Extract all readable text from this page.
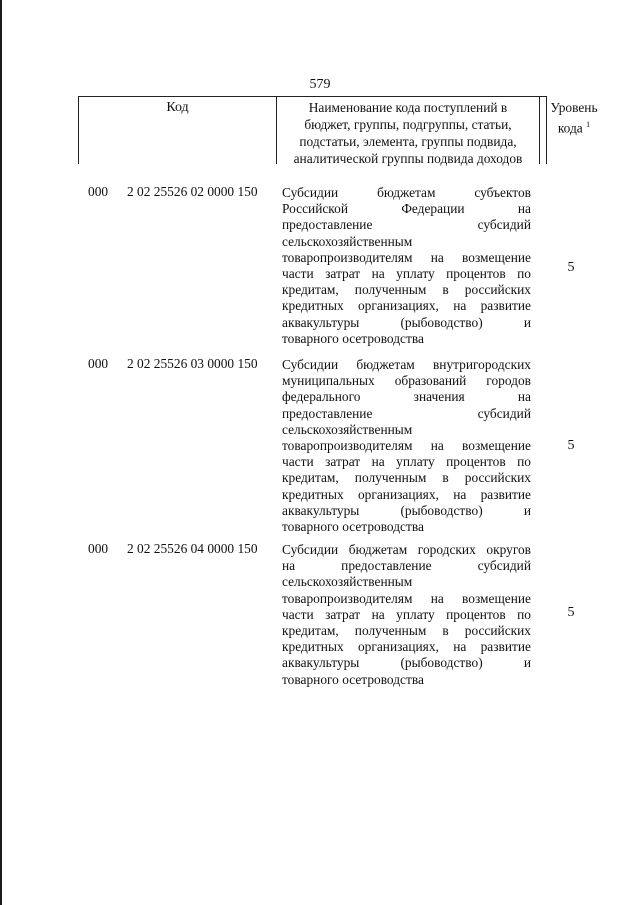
579
Код	Наименование кода поступлений в
бюджет, группы, подгруппы, статьи,
подстатьи, элемента, группы подвида,
аналитической группы подвида доходов
Уровень
кода $^1$
000 2 02 25526 02 0000 150 Субсидии бюджетам субъектов
Российской Федерации на
предоставление субсидий
сельскохозяйственным
товаропроизводителям на возмещение
части затрат на уплату процентов по
кредитам, полученным в российских
кредитных организациях, на развитие
аквакультуры (рыбоводство) и
товарного осетроводства
5
000 2 02 25526 03 0000 150 Субсидии бюджетам внутригородских
муниципальных образований городов
федерального значения на
предоставление субсидий
сельскохозяйственным
товаропроизводителям на возмещение
части затрат на уплату процентов по
кредитам, полученным в российских
кредитных организациях, на развитие
аквакультуры (рыбоводство) и
товарного осетроводства
5
000 2 02 25526 04 0000 150 Субсидии бюджетам городских округов
на предоставление субсидий
сельскохозяйственным
товаропроизводителям на возмещение
части затрат на уплату процентов по
кредитам, полученным в российских
кредитных организациях, на развитие
аквакультуры (рыбоводство) и
товарного осетроводства
5
